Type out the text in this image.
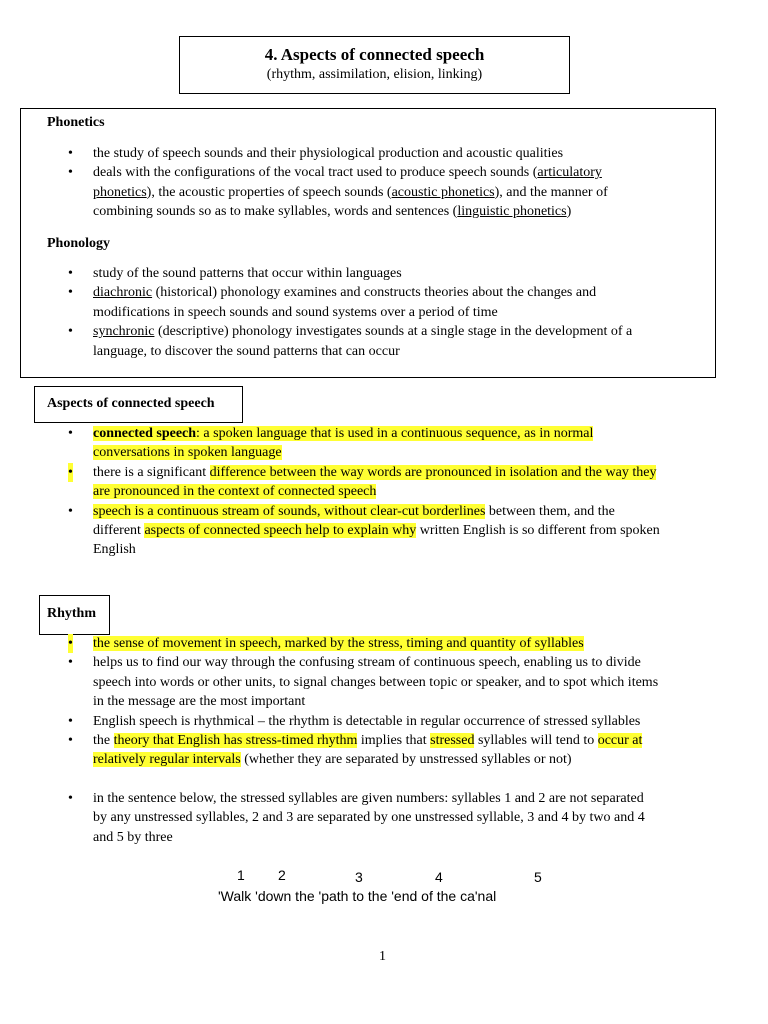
4. Aspects of connected speech
(rhythm, assimilation, elision, linking)
Phonetics
• the study of speech sounds and their physiological production and acoustic qualities
• deals with the configurations of the vocal tract used to produce speech sounds (articulatory
phonetics), the acoustic properties of speech sounds (acoustic phonetics), and the manner of
combining sounds so as to make syllables, words and sentences (linguistic phonetics)
Phonology
• study of the sound patterns that occur within languages
• diachronic (historical) phonology examines and constructs theories about the changes and
modifications in speech sounds and sound systems over a period of time
• synchronic (descriptive) phonology investigates sounds at a single stage in the development of a
language, to discover the sound patterns that can occur
Aspects of connected speech
• connected speech: a spoken language that is used in a continuous sequence, as in normal
conversations in spoken language
• there is a significant difference between the way words are pronounced in isolation and the way they
are pronounced in the context of connected speech
• speech is a continuous stream of sounds, without clear-cut borderlines between them, and the
different aspects of connected speech help to explain why written English is so different from spoken
English
Rhythm
• the sense of movement in speech, marked by the stress, timing and quantity of syllables
• helps us to find our way through the confusing stream of continuous speech, enabling us to divide
speech into words or other units, to signal changes between topic or speaker, and to spot which items
in the message are the most important
• English speech is rhythmical – the rhythm is detectable in regular occurrence of stressed syllables
• the theory that English has stress-timed rhythm implies that stressed syllables will tend to occur at
relatively regular intervals (whether they are separated by unstressed syllables or not)
• in the sentence below, the stressed syllables are given numbers: syllables 1 and 2 are not separated
by any unstressed syllables, 2 and 3 are separated by one unstressed syllable, 3 and 4 by two and 4
and 5 by three
1 2	3	4	5
'Walk 'down the 'path to the 'end of the ca'nal
1
